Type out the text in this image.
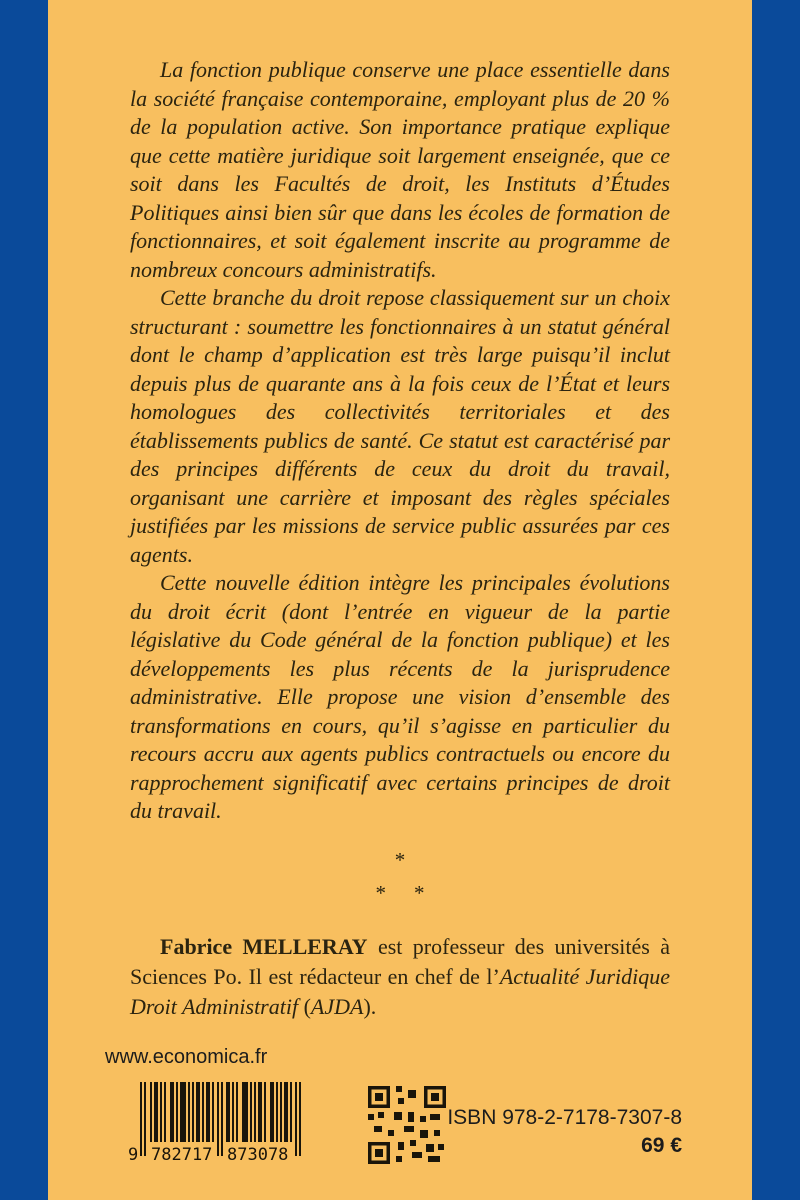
La fonction publique conserve une place essentielle dans la société française contemporaine, employant plus de 20 % de la population active. Son importance pratique explique que cette matière juridique soit largement enseignée, que ce soit dans les Facultés de droit, les Instituts d’Études Politiques ainsi bien sûr que dans les écoles de formation de fonctionnaires, et soit également inscrite au programme de nombreux concours administratifs.

Cette branche du droit repose classiquement sur un choix structurant : soumettre les fonctionnaires à un statut général dont le champ d’application est très large puisqu’il inclut depuis plus de quarante ans à la fois ceux de l’État et leurs homologues des collectivités territoriales et des établissements publics de santé. Ce statut est caractérisé par des principes différents de ceux du droit du travail, organisant une carrière et imposant des règles spéciales justifiées par les missions de service public assurées par ces agents.

Cette nouvelle édition intègre les principales évolutions du droit écrit (dont l’entrée en vigueur de la partie législative du Code général de la fonction publique) et les développements les plus récents de la jurisprudence administrative. Elle propose une vision d’ensemble des transformations en cours, qu’il s’agisse en particulier du recours accru aux agents publics contractuels ou encore du rapprochement significatif avec certains principes de droit du travail.

*
* *
Fabrice MELLERAY est professeur des universités à Sciences Po. Il est rédacteur en chef de l’Actualité Juridique Droit Administratif (AJDA).
www.economica.fr
9 782717 873078
ISBN 978-2-7178-7307-8
69 €
